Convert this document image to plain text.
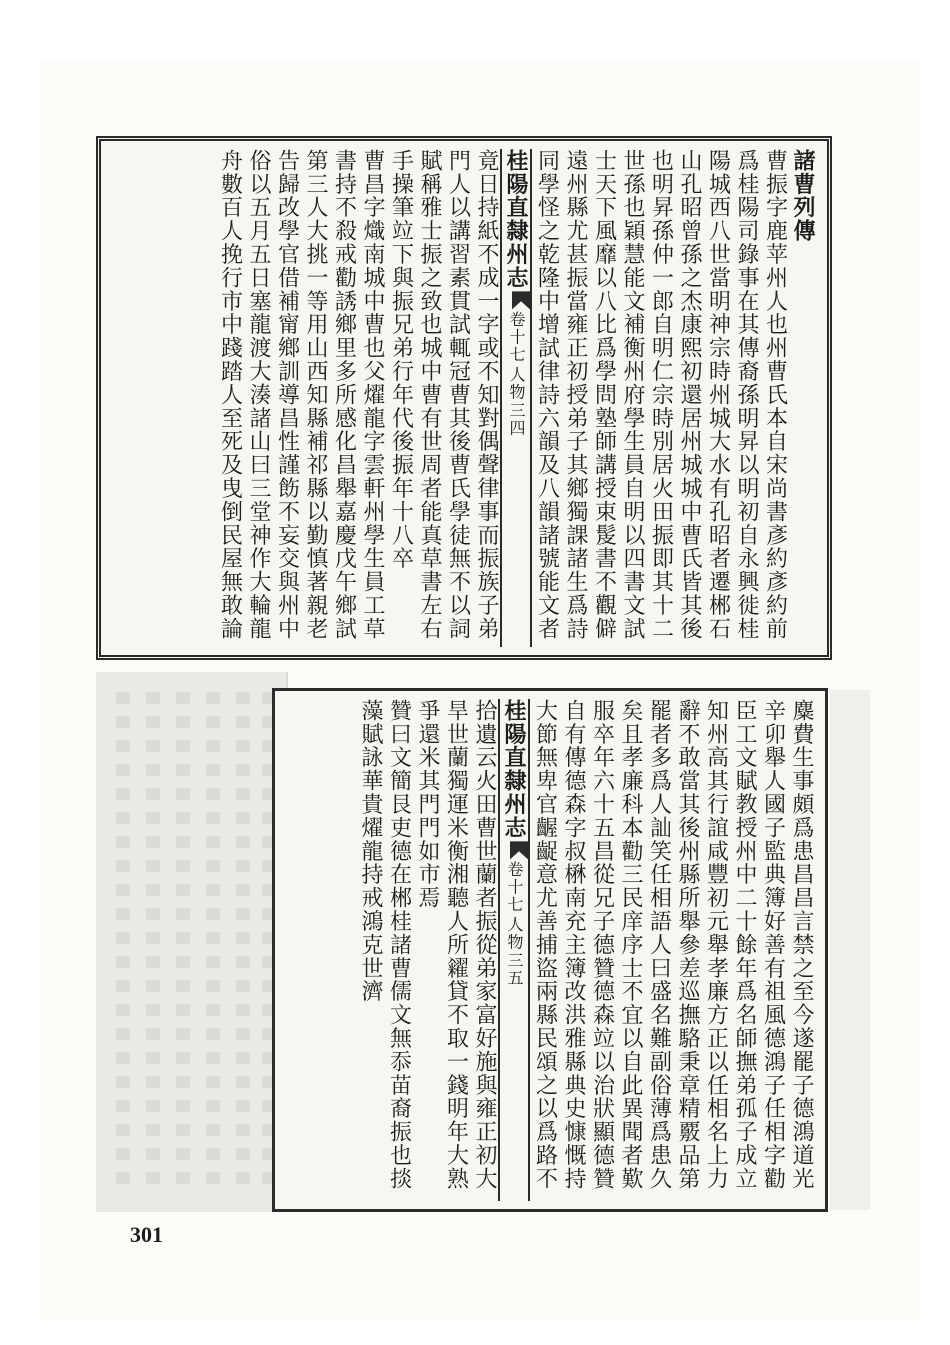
諸曹列傳
曹振字鹿苹州人也州曹氏本自宋尚書彥約彥約前
爲桂陽司錄事在其傳裔孫明昇以明初自永興徙桂
陽城西八世當明神宗時州城大水有孔昭者遷郴石
山孔昭曾孫之杰康熙初還居州城城中曹氏皆其後
也明昇孫仲一郎自明仁宗時別居火田振即其十二
世孫也穎慧能文補衡州府學生員自明以四書文試
士天下風靡以八比爲學問塾師講授束髲書不觀僻
遠州縣尤甚振當雍正初授弟子其鄉獨課諸生爲詩
同學怪之乾隆中增試律詩六韻及八韻諸號能文者
桂陽直隸州志
卷十七
人物
三四
竟日持紙不成一字或不知對偶聲律事而振族子弟
門人以講習素貫試輒冠曹其後曹氏學徒無不以詞
賦稱雅士振之致也城中曹有世周者能真草書左右
手操筆竝下與振兄弟行年代後振年十八卒
曹昌字熾南城中曹也父燿龍字雲軒州學生員工草
書持不殺戒勸誘鄉里多所感化昌舉嘉慶戊午鄉試
第三人大挑一等用山西知縣補祁縣以勤慎著親老
告歸改學官借補甯鄉訓導昌性謹飭不妄交與州中
俗以五月五日塞龍渡大湊諸山曰三堂神作大輪龍
舟數百人挽行市中踐踏人至死及曳倒民屋無敢論
麋費生事頗爲患昌昌言禁之至今遂罷子德鴻道光
辛卯舉人國子監典簿好善有祖風德鴻子任相字勸
臣工文賦教授州中二十餘年爲名師撫弟孤子成立
知州高其行誼咸豐初元舉孝廉方正以任相名上力
辭不敢當其後州縣所舉參差巡撫駱秉章精覈品第
罷者多爲人訕笑任相語人曰盛名難副俗薄爲患久
矣且孝廉科本勸三民庠序士不宜以自此異聞者歎
服卒年六十五昌從兄子德贊德森竝以治狀顯德贊
自有傳德森字叔楙南充主簿改洪雅縣典史慷慨持
大節無卑官齷齪意尤善捕盜兩縣民頌之以爲路不
桂陽直隸州志
卷十七
人物
三五
拾遺云火田曹世蘭者振從弟家富好施與雍正初大
旱世蘭獨運米衡湘聽人所糴貸不取一錢明年大熟
爭還米其門門如市焉
贊曰文簡艮吏德在郴桂諸曹儒文無忝苗裔振也掞
藻賦詠華貴燿龍持戒鴻克世濟
301
